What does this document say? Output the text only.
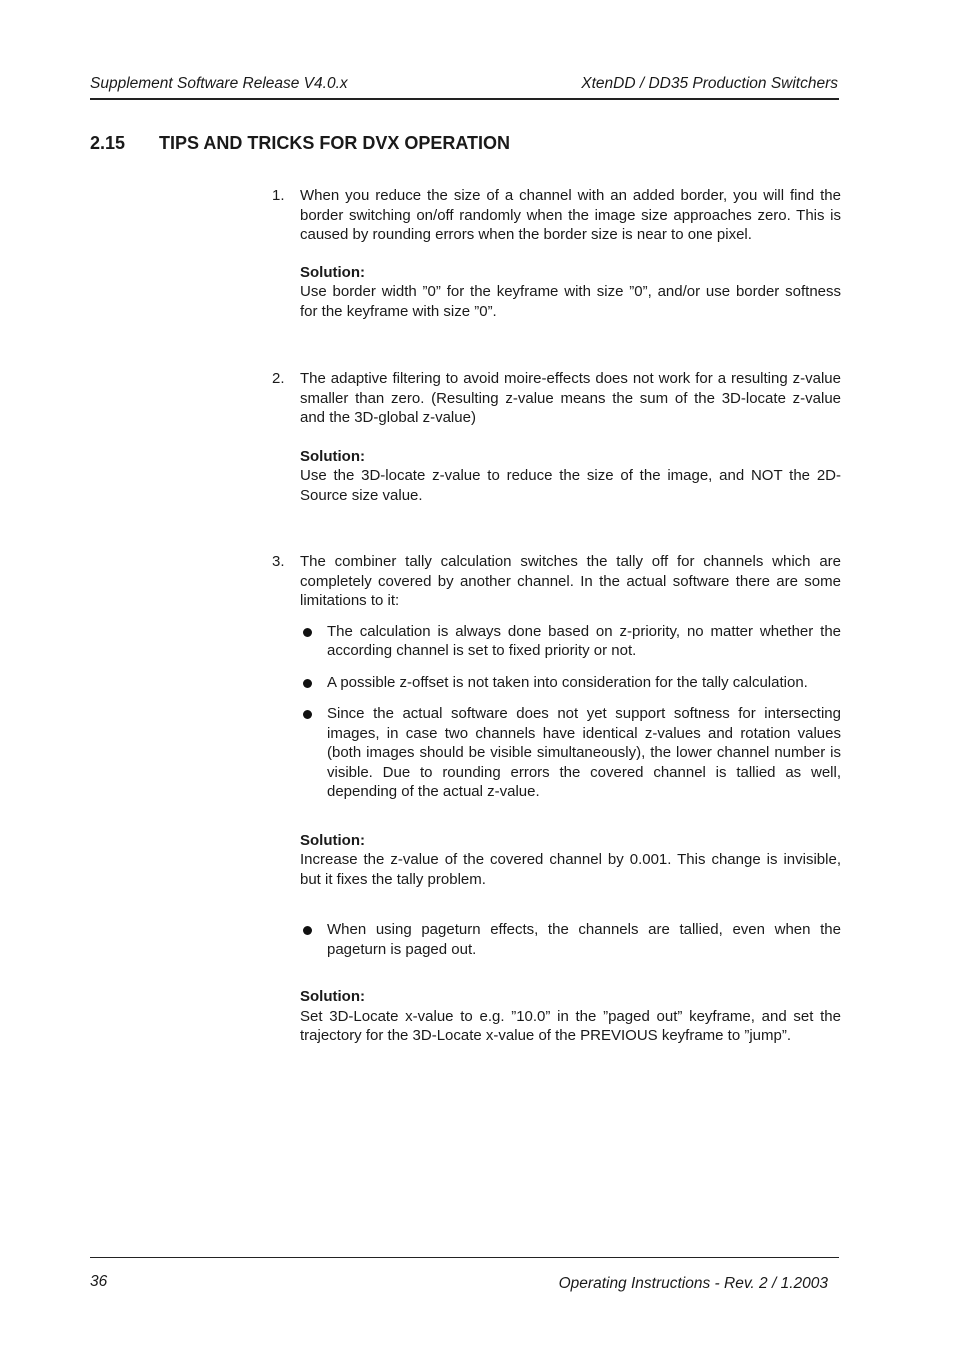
Supplement Software Release V4.0.x	XtenDD / DD35 Production Switchers
2.15 TIPS AND TRICKS FOR DVX OPERATION
1. When you reduce the size of a channel with an added border, you will find the border switching on/off randomly when the image size approaches zero. This is caused by rounding errors when the border size is near to one pixel.

Solution:

Use border width ”0” for the keyframe with size ”0”, and/or use border softness for the keyframe with size ”0”.

2. The adaptive filtering to avoid moire-effects does not work for a resulting z-value smaller than zero. (Resulting z-value means the sum of the 3D-locate z-value and the 3D-global z-value)

Solution:

Use the 3D-locate z-value to reduce the size of the image, and NOT the 2D-Source size value.

3. The combiner tally calculation switches the tally off for channels which are completely covered by another channel. In the actual software there are some limitations to it:

The calculation is always done based on z-priority, no matter whether the according channel is set to fixed priority or not.

A possible z-offset is not taken into consideration for the tally calculation.

Since the actual software does not yet support softness for intersecting images, in case two channels have identical z-values and rotation values (both images should be visible simultaneously), the lower channel number is visible. Due to rounding errors the covered channel is tallied as well, depending of the actual z-value.

Solution:

Increase the z-value of the covered channel by 0.001. This change is invisible, but it fixes the tally problem.

When using pageturn effects, the channels are tallied, even when the pageturn is paged out.

Solution:

Set 3D-Locate x-value to e.g. ”10.0” in the ”paged out” keyframe, and set the trajectory for the 3D-Locate x-value of the PREVIOUS keyframe to ”jump”.

36	Operating Instructions - Rev. 2 / 1.2003
